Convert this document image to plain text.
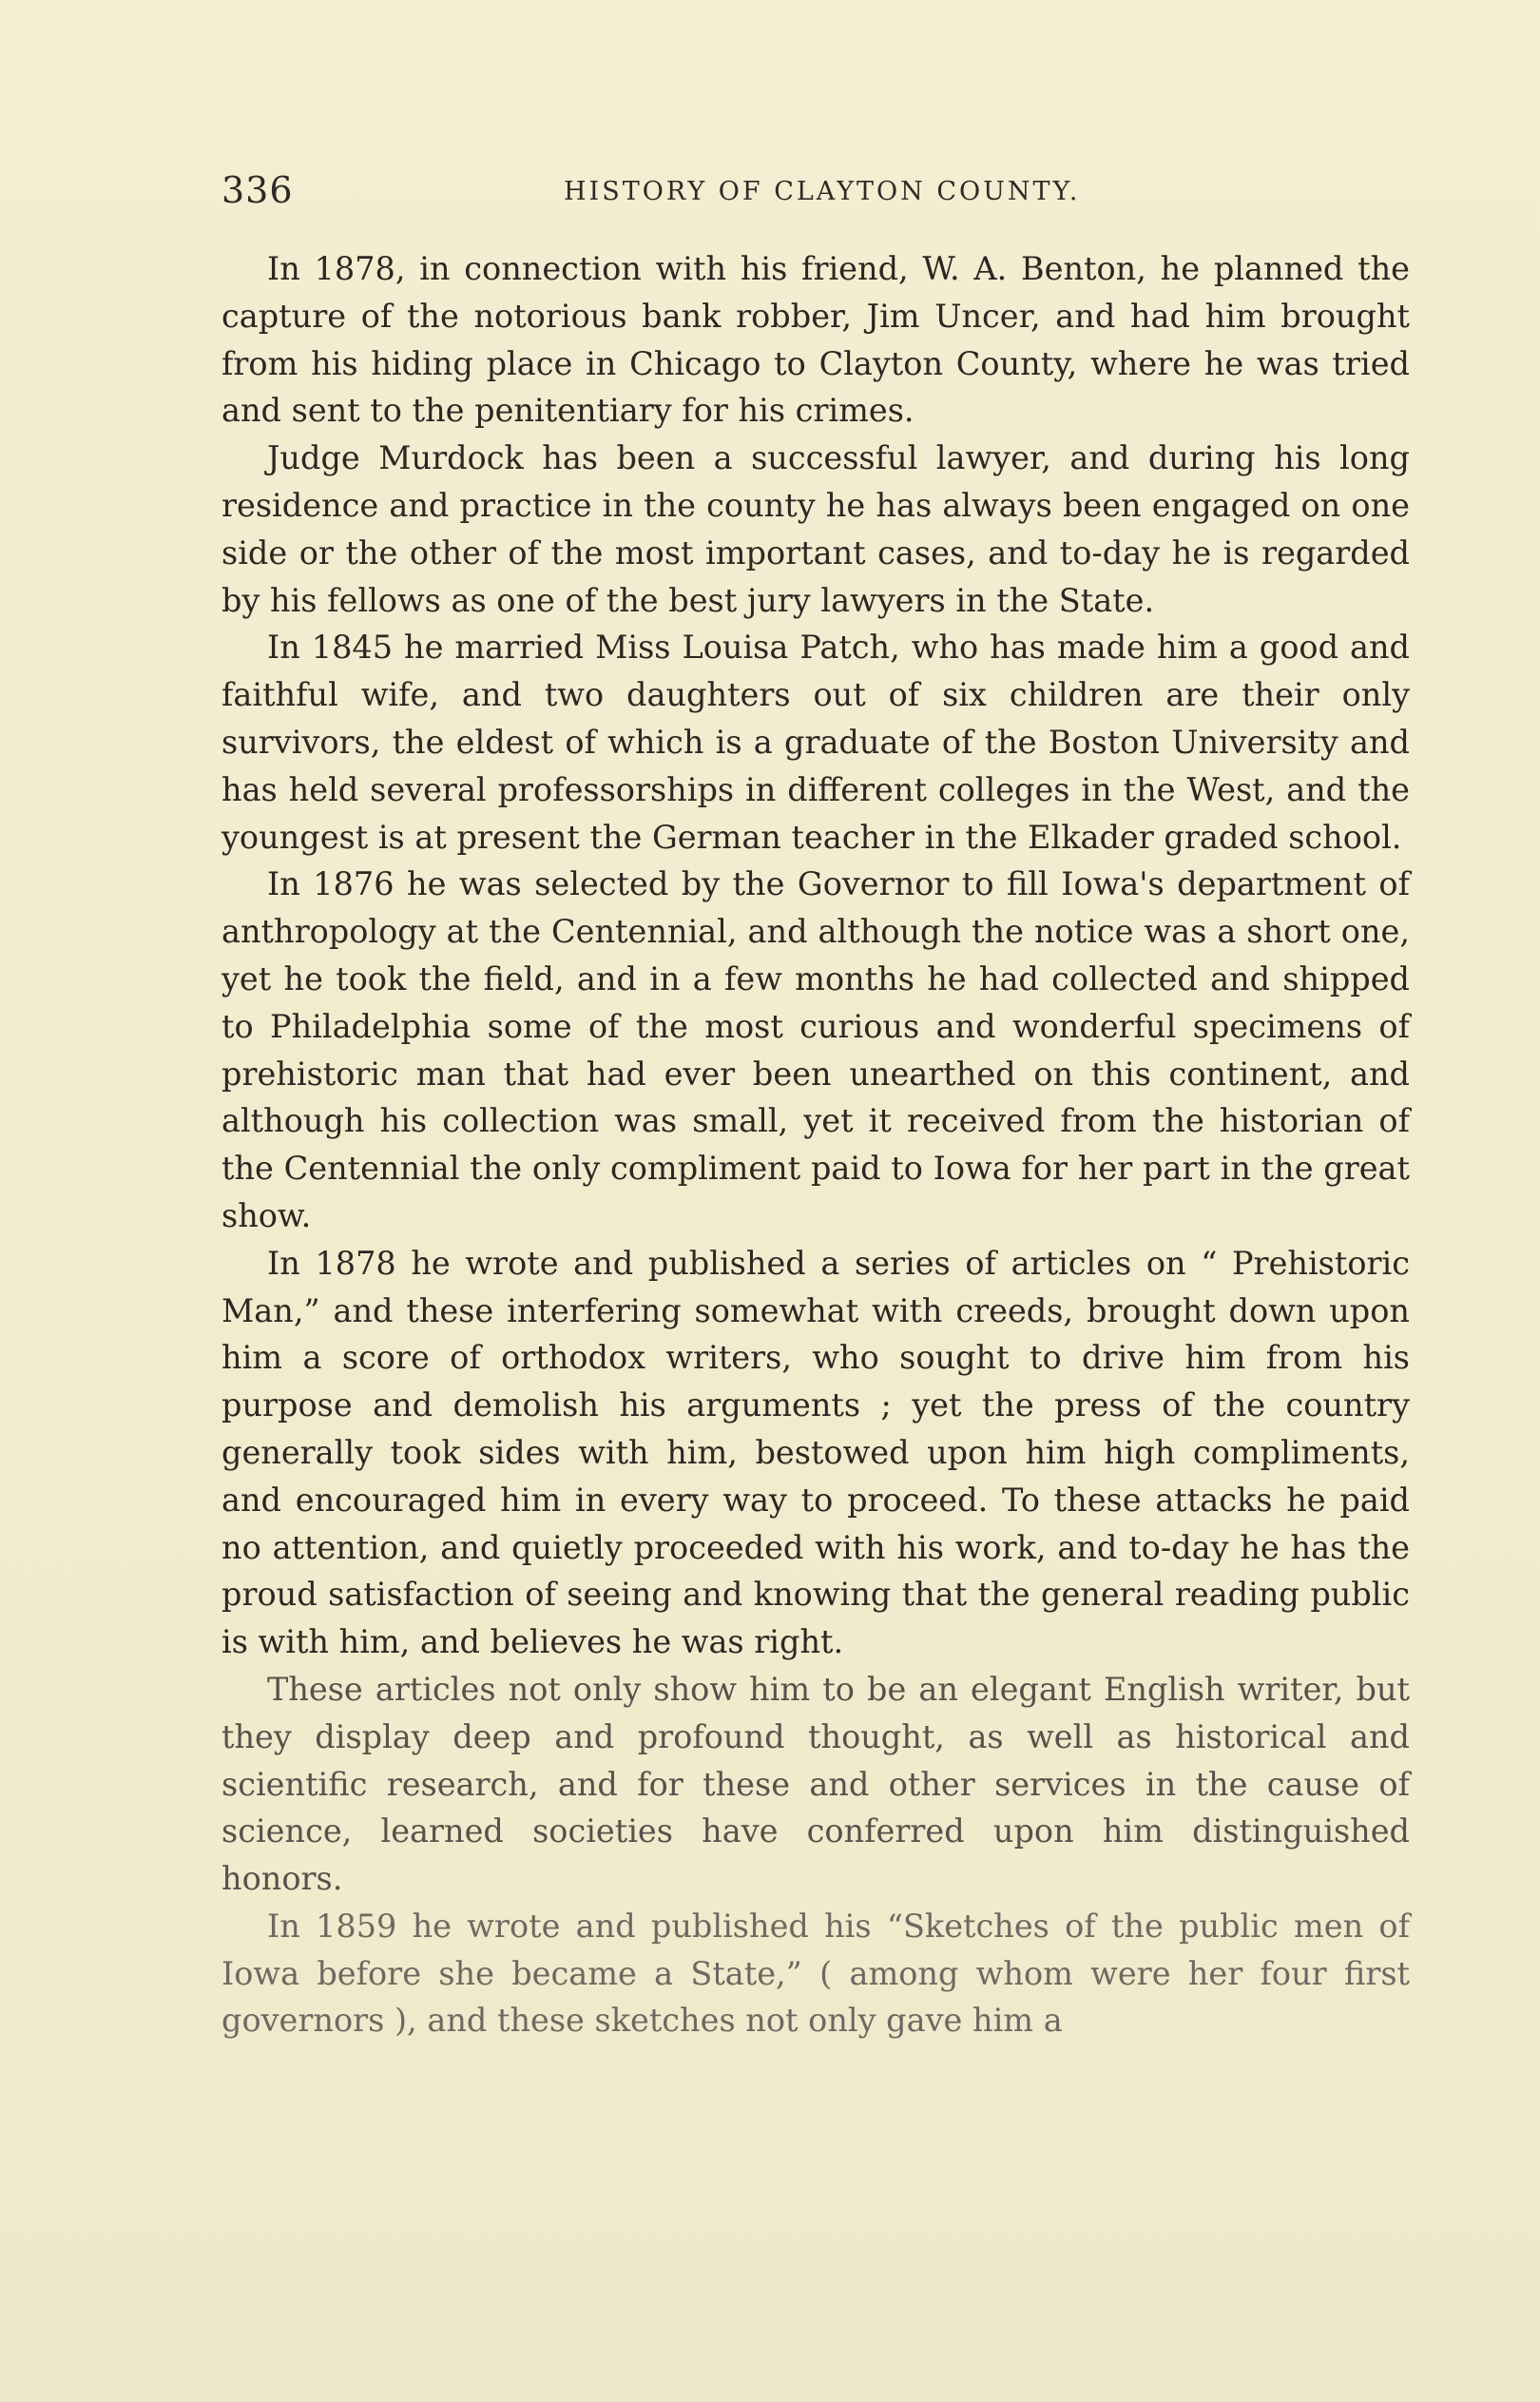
336	HISTORY OF CLAYTON COUNTY.

In 1878, in connection with his friend, W. A. Benton, he planned the capture of the notorious bank robber, Jim Uncer, and had him brought from his hiding place in Chicago to Clayton County, where he was tried and sent to the penitentiary for his crimes.

Judge Murdock has been a successful lawyer, and during his long residence and practice in the county he has always been engaged on one side or the other of the most important cases, and to-day he is regarded by his fellows as one of the best jury lawyers in the State.

In 1845 he married Miss Louisa Patch, who has made him a good and faithful wife, and two daughters out of six children are their only survivors, the eldest of which is a graduate of the Boston University and has held several professorships in different colleges in the West, and the youngest is at present the German teacher in the Elkader graded school.

In 1876 he was selected by the Governor to fill Iowa's department of anthropology at the Centennial, and although the notice was a short one, yet he took the field, and in a few months he had collected and shipped to Philadelphia some of the most curious and wonderful specimens of prehistoric man that had ever been unearthed on this continent, and although his collection was small, yet it received from the historian of the Centennial the only compliment paid to Iowa for her part in the great show.

In 1878 he wrote and published a series of articles on “ Prehistoric Man,” and these interfering somewhat with creeds, brought down upon him a score of orthodox writers, who sought to drive him from his purpose and demolish his arguments ; yet the press of the country generally took sides with him, bestowed upon him high compliments, and encouraged him in every way to proceed. To these attacks he paid no attention, and quietly proceeded with his work, and to-day he has the proud satisfaction of seeing and knowing that the general reading public is with him, and believes he was right.

These articles not only show him to be an elegant English writer, but they display deep and profound thought, as well as historical and scientific research, and for these and other services in the cause of science, learned societies have conferred upon him distinguished honors.

In 1859 he wrote and published his “Sketches of the public men of Iowa before she became a State,” ( among whom were her four first governors ), and these sketches not only gave him a
